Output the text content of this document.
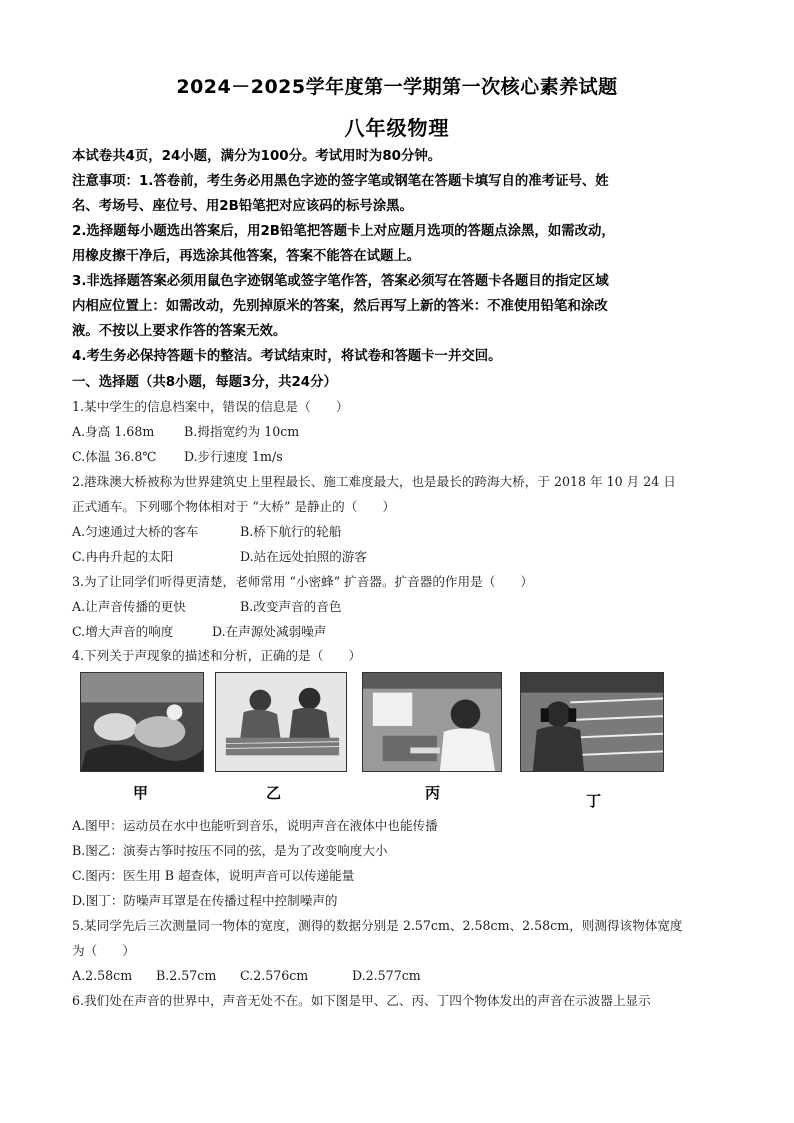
2024－2025学年度第一学期第一次核心素养试题
八年级物理
本试卷共4页，24小题，满分为100分。考试用时为80分钟。
注意事项：1.答卷前，考生务必用黑色字迹的签字笔或钢笔在答题卡填写自的准考证号、姓
名、考场号、座位号、用2B铅笔把对应该码的标号涂黑。
2.选择题每小题选出答案后，用2B铅笔把答题卡上对应题月选项的答题点涂黑，如需改动，
用橡皮擦干净后，再选涂其他答案，答案不能答在试题上。
3.非选择题答案必须用鼠色字迹钢笔或签字笔作答，答案必须写在答题卡各题目的指定区域
内相应位置上：如需改动，先别掉原米的答案，然后再写上新的答米：不准使用铅笔和涂改
液。不按以上要求作答的答案无效。
4.考生务必保持答题卡的整洁。考试结束时，将试卷和答题卡一并交回。
一、选择题（共8小题，每题3分，共24分）
1.某中学生的信息档案中，错误的信息是（　　）
A.身高 1.68m B.拇指宽约为 10cm
C.体温 36.8℃ D.步行速度 1m/s
2.港珠澳大桥被称为世界建筑史上里程最长、施工难度最大，也是最长的跨海大桥，于 2018 年 10 月 24 日
正式通车。下列哪个物体相对于 “大桥” 是静止的（　　）
A.匀速通过大桥的客车	B.桥下航行的轮船
C.冉冉升起的太阳	D.站在远处拍照的游客
3.为了让同学们听得更清楚，老师常用 “小密蜂” 扩音器。扩音器的作用是（　　）
A.让声音传播的更快	B.改变声音的音色
C.增大声音的响度	D.在声源处减弱噪声
4.下列关于声现象的描述和分析，正确的是（　　）
甲	乙	丙	丁
A.图甲：运动员在水中也能听到音乐，说明声音在液体中也能传播
B.图乙：演奏古筝时按压不同的弦，是为了改变响度大小
C.图丙：医生用 B 超查体，说明声音可以传递能量
D.图丁：防噪声耳罩是在传播过程中控制噪声的
5.某同学先后三次测量同一物体的宽度，测得的数据分别是 2.57cm、2.58cm、2.58cm，则测得该物体宽度
为（　　）
A.2.58cm B.2.57cm C.2.576cm	D.2.577cm
6.我们处在声音的世界中，声音无处不在。如下图是甲、乙、丙、丁四个物体发出的声音在示波器上显示
